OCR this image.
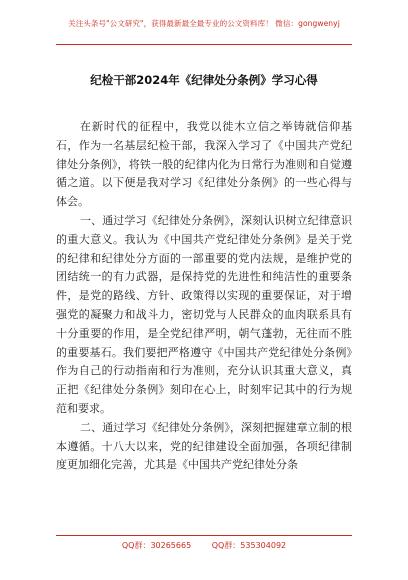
关注头条号"公文研究"，获得最新最全最专业的公文资料库！ 微信：gongwenyj
纪检干部2024年《纪律处分条例》学习心得

在新时代的征程中，我党以徙木立信之举铸就信仰基石，作为一名基层纪检干部，我深入学习了《中国共产党纪律处分条例》，将铁一般的纪律内化为日常行为准则和自觉遵循之道。以下便是我对学习《纪律处分条例》的一些心得与体会。

一、通过学习《纪律处分条例》，深刻认识树立纪律意识的重大意义。我认为《中国共产党纪律处分条例》是关于党的纪律和纪律处分方面的一部重要的党内法规，是维护党的团结统一的有力武器，是保持党的先进性和纯洁性的重要条件，是党的路线、方针、政策得以实现的重要保证，对于增强党的凝聚力和战斗力，密切党与人民群众的血肉联系具有十分重要的作用，是全党纪律严明，朝气蓬勃，无往而不胜的重要基石。我们要把严格遵守《中国共产党纪律处分条例》作为自己的行动指南和行为准则，充分认识其重大意义，真正把《纪律处分条例》刻印在心上，时刻牢记其中的行为规范和要求。

二、通过学习《纪律处分条例》，深刻把握建章立制的根本遵循。十八大以来，党的纪律建设全面加强，各项纪律制度更加细化完善，尤其是《中国共产党纪律处分条

QQ群：30265665	QQ群：535304092
